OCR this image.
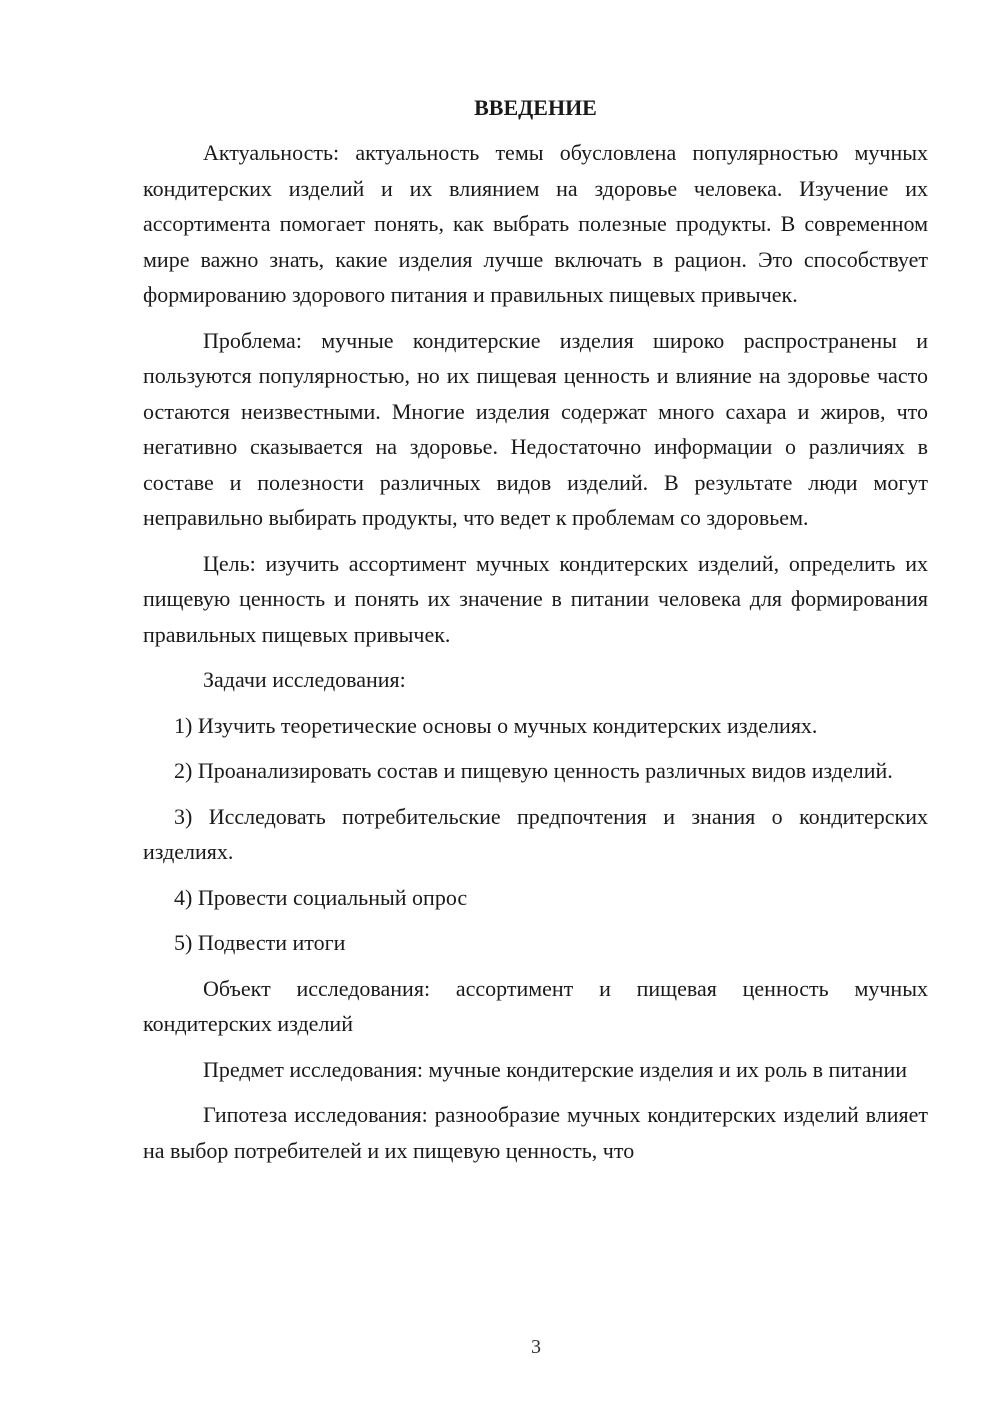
ВВЕДЕНИЕ

Актуальность: актуальность темы обусловлена популярностью мучных кондитерских изделий и их влиянием на здоровье человека. Изучение их ассортимента помогает понять, как выбрать полезные продукты. В современном мире важно знать, какие изделия лучше включать в рацион. Это способствует формированию здорового питания и правильных пищевых привычек.

Проблема: мучные кондитерские изделия широко распространены и пользуются популярностью, но их пищевая ценность и влияние на здоровье часто остаются неизвестными. Многие изделия содержат много сахара и жиров, что негативно сказывается на здоровье. Недостаточно информации о различиях в составе и полезности различных видов изделий. В результате люди могут неправильно выбирать продукты, что ведет к проблемам со здоровьем.

Цель: изучить ассортимент мучных кондитерских изделий, определить их пищевую ценность и понять их значение в питании человека для формирования правильных пищевых привычек.

Задачи исследования:

1) Изучить теоретические основы о мучных кондитерских изделиях.

2) Проанализировать состав и пищевую ценность различных видов изделий.

3) Исследовать потребительские предпочтения и знания о кондитерских изделиях.

4) Провести социальный опрос

5) Подвести итоги

Объект исследования: ассортимент и пищевая ценность мучных кондитерских изделий

Предмет исследования: мучные кондитерские изделия и их роль в питании

Гипотеза исследования: разнообразие мучных кондитерских изделий влияет на выбор потребителей и их пищевую ценность, что

3
